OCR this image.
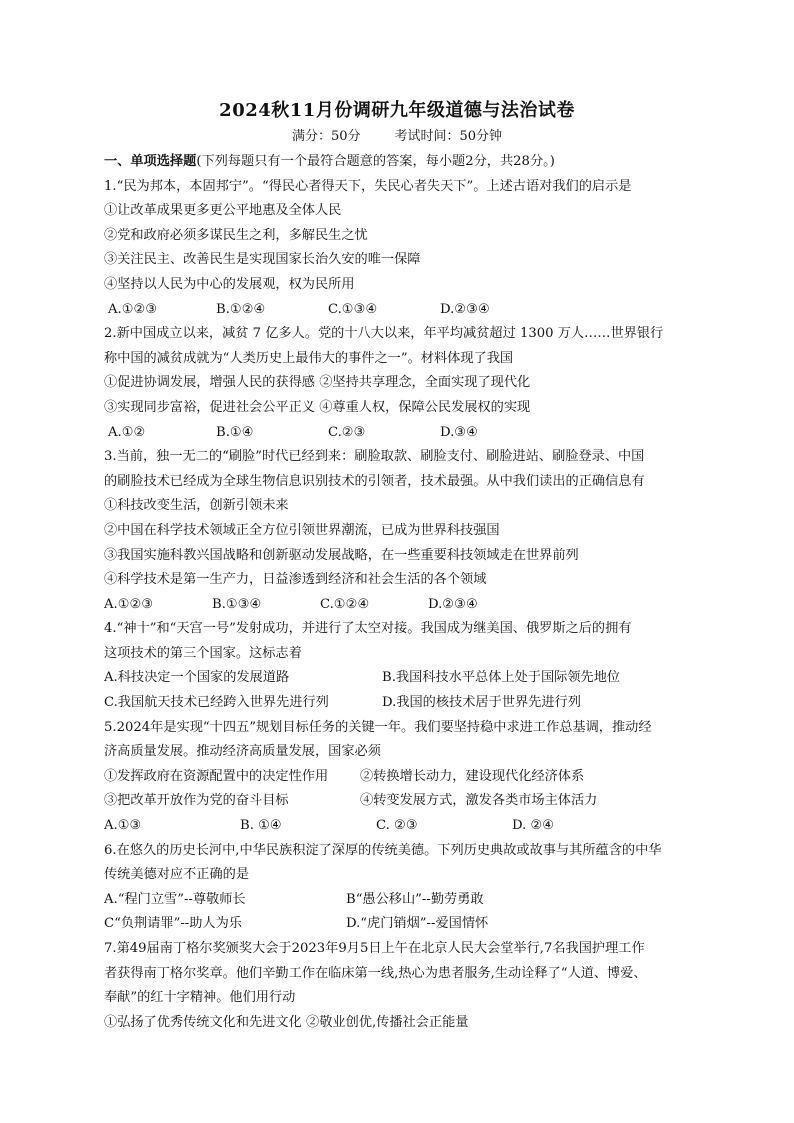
2024秋11月份调研九年级道德与法治试卷
满分：50分	考试时间：50分钟
一、单项选择题(下列每题只有一个最符合题意的答案，每小题2分，共28分。)
1.“民为邦本，本固邦宁”。“得民心者得天下，失民心者失天下”。上述古语对我们的启示是
①让改革成果更多更公平地惠及全体人民
②党和政府必须多谋民生之利，多解民生之忧
③关注民主、改善民生是实现国家长治久安的唯一保障
④坚持以人民为中心的发展观，权为民所用
A.①②③	B.①②④	C.①③④	D.②③④
2.新中国成立以来，减贫 7 亿多人。党的十八大以来，年平均减贫超过 1300 万人……世界银行
称中国的减贫成就为“人类历史上最伟大的事件之一”。材料体现了我国
①促进协调发展，增强人民的获得感 ②坚持共享理念，全面实现了现代化
③实现同步富裕，促进社会公平正义 ④尊重人权，保障公民发展权的实现
A.①②	B.①④	C.②③	D.③④
3.当前，独一无二的“刷脸”时代已经到来：刷脸取款、刷脸支付、刷脸进站、刷脸登录、中国
的刷脸技术已经成为全球生物信息识别技术的引领者，技术最强。从中我们读出的正确信息有
①科技改变生活，创新引领未来
②中国在科学技术领域正全方位引领世界潮流，已成为世界科技强国
③我国实施科教兴国战略和创新驱动发展战略，在一些重要科技领域走在世界前列
④科学技术是第一生产力，日益渗透到经济和社会生活的各个领域
A.①②③	B.①③④	C.①②④	D.②③④
4.“神十”和“天宫一号”发射成功，并进行了太空对接。我国成为继美国、俄罗斯之后的拥有
这项技术的第三个国家。这标志着
A.科技决定一个国家的发展道路	B.我国科技水平总体上处于国际领先地位
C.我国航天技术已经跨入世界先进行列	D.我国的核技术居于世界先进行列
5.2024年是实现“十四五”规划目标任务的关键一年。我们要坚持稳中求进工作总基调，推动经
济高质量发展。推动经济高质量发展，国家必须
①发挥政府在资源配置中的决定性作用	②转换增长动力，建设现代化经济体系
③把改革开放作为党的奋斗目标	④转变发展方式，激发各类市场主体活力
A.①③	B. ①④	C. ②③	D. ②④
6.在悠久的历史长河中,中华民族积淀了深厚的传统美德。下列历史典故或故事与其所蕴含的中华
传统美德对应不正确的是
A.“程门立雪”--尊敬师长	B“愚公移山”--勤劳勇敢
C“负荆请罪”--助人为乐	D.“虎门销烟”--爱国情怀
7.第49届南丁格尔奖颁奖大会于2023年9月5日上午在北京人民大会堂举行,7名我国护理工作
者获得南丁格尔奖章。他们辛勤工作在临床第一线,热心为患者服务,生动诠释了“人道、博爱、
奉献”的红十字精神。他们用行动
①弘扬了优秀传统文化和先进文化 ②敬业创优,传播社会正能量
